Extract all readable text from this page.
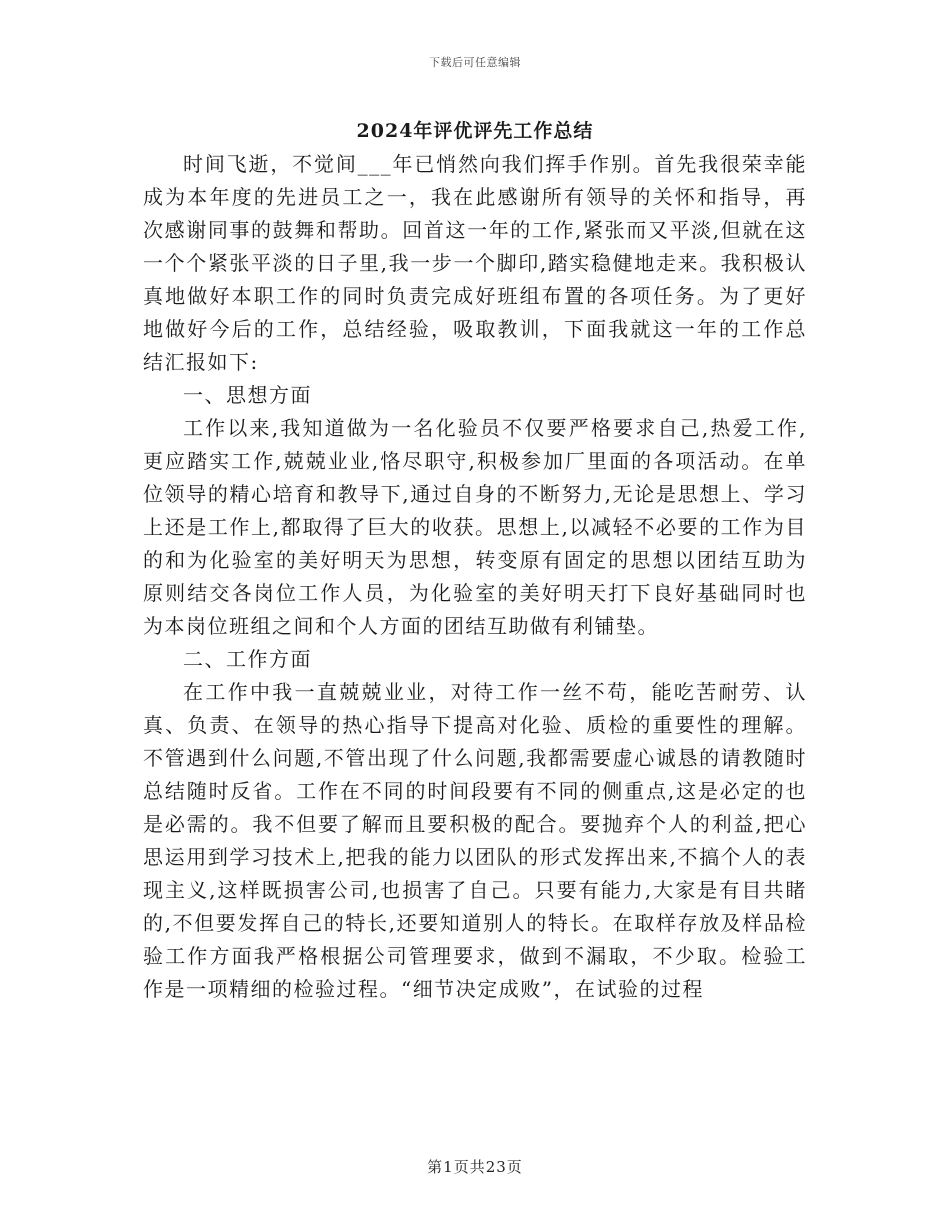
下载后可任意编辑
2024年评优评先工作总结

时间飞逝，不觉间___年已悄然向我们挥手作别。首先我很荣幸能成为本年度的先进员工之一，我在此感谢所有领导的关怀和指导，再次感谢同事的鼓舞和帮助。回首这一年的工作,紧张而又平淡,但就在这一个个紧张平淡的日子里,我一步一个脚印,踏实稳健地走来。我积极认真地做好本职工作的同时负责完成好班组布置的各项任务。为了更好地做好今后的工作，总结经验，吸取教训，下面我就这一年的工作总结汇报如下:

一、思想方面

工作以来,我知道做为一名化验员不仅要严格要求自己,热爱工作,更应踏实工作,兢兢业业,恪尽职守,积极参加厂里面的各项活动。在单位领导的精心培育和教导下,通过自身的不断努力,无论是思想上、学习上还是工作上,都取得了巨大的收获。思想上,以减轻不必要的工作为目的和为化验室的美好明天为思想，转变原有固定的思想以团结互助为原则结交各岗位工作人员，为化验室的美好明天打下良好基础同时也为本岗位班组之间和个人方面的团结互助做有利铺垫。

二、工作方面

在工作中我一直兢兢业业，对待工作一丝不苟，能吃苦耐劳、认真、负责、在领导的热心指导下提高对化验、质检的重要性的理解。不管遇到什么问题,不管出现了什么问题,我都需要虚心诚恳的请教随时总结随时反省。工作在不同的时间段要有不同的侧重点,这是必定的也是必需的。我不但要了解而且要积极的配合。要抛弃个人的利益,把心思运用到学习技术上,把我的能力以团队的形式发挥出来,不搞个人的表现主义,这样既损害公司,也损害了自己。只要有能力,大家是有目共睹的,不但要发挥自己的特长,还要知道别人的特长。在取样存放及样品检验工作方面我严格根据公司管理要求，做到不漏取，不少取。检验工作是一项精细的检验过程。“细节决定成败”，在试验的过程

第1页共23页
